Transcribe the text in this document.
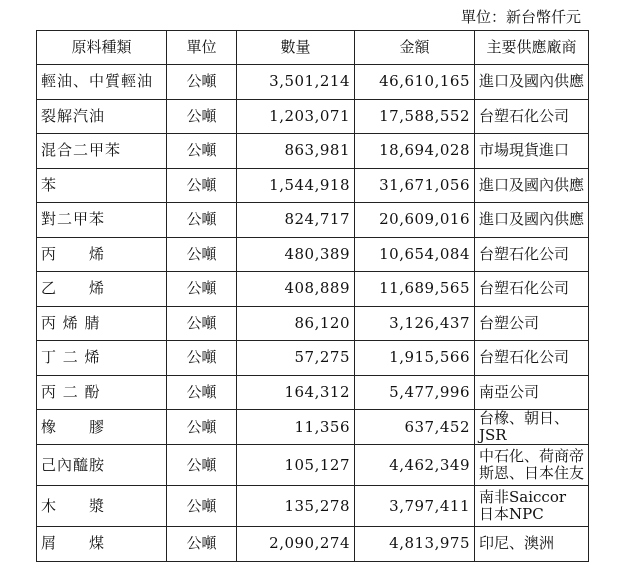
單位：新台幣仟元
原料種類	單位	數量	金額	主要供應廠商
輕油、中質輕油	公噸	3,501,214	46,610,165	進口及國內供應
裂解汽油	公噸	1,203,071	17,588,552	台塑石化公司
混合二甲苯	公噸	863,981	18,694,028	市場現貨進口
苯	公噸	1,544,918	31,671,056	進口及國內供應
對二甲苯	公噸	824,717	20,609,016	進口及國內供應
丙　　烯	公噸	480,389	10,654,084	台塑石化公司
乙　　烯	公噸	408,889	11,689,565	台塑石化公司
丙 烯 腈	公噸	86,120	3,126,437	台塑公司
丁 二 烯	公噸	57,275	1,915,566	台塑石化公司
丙 二 酚	公噸	164,312	5,477,996	南亞公司
橡　　膠	公噸	11,356	637,452	台橡、朝日、JSR
己內醯胺	公噸	105,127	4,462,349	中石化、荷商帝
斯恩、日本住友
木　　漿	公噸	135,278	3,797,411	南非Saiccor
日本NPC
屑　　煤	公噸	2,090,274	4,813,975	印尼、澳洲
